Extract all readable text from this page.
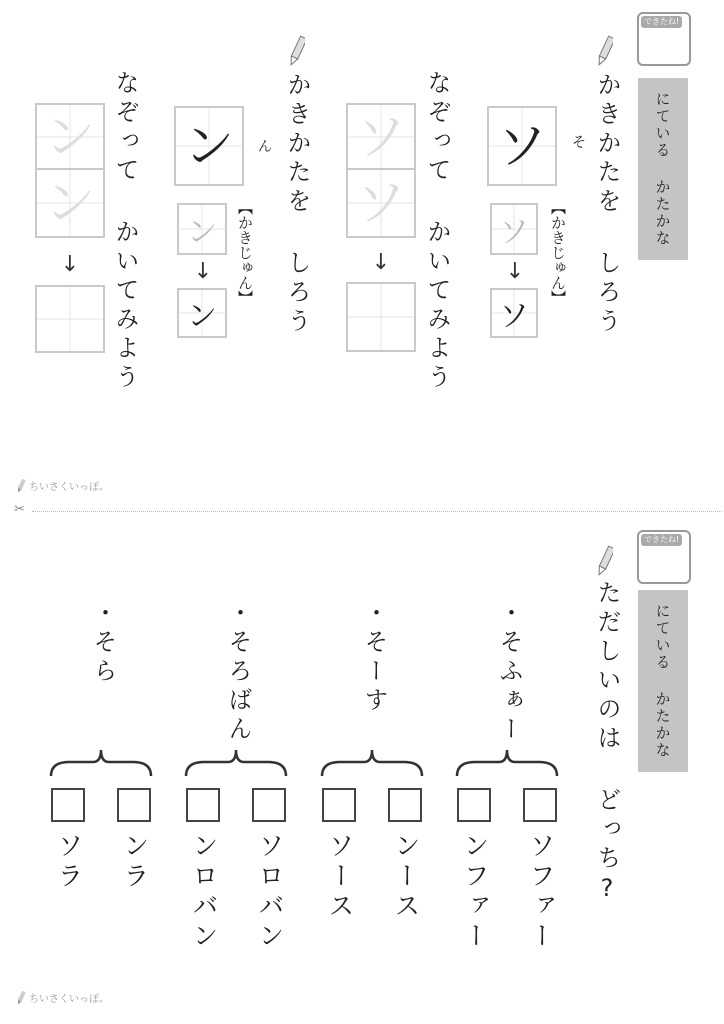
できたね!
にている かたかな
かきかたを しろう
ソ そ
【かきじゅん】
ソ
↓
ソ
なぞって かいてみよう
ソ
ソ
↓
かきかたを しろう
ン ん
【かきじゅん】
ン
↓
ン
なぞって かいてみよう
ン
ン
↓
ちいさくいっぽ。
✂
できたね!
にている かたかな
ただしいのは どっち?
・そふぁー
ソファー
ンファー
・そーす
ンース
ソース
・そろばん
ソロバン
ンロバン
・そら
ンラ
ソラ
ちいさくいっぽ。
